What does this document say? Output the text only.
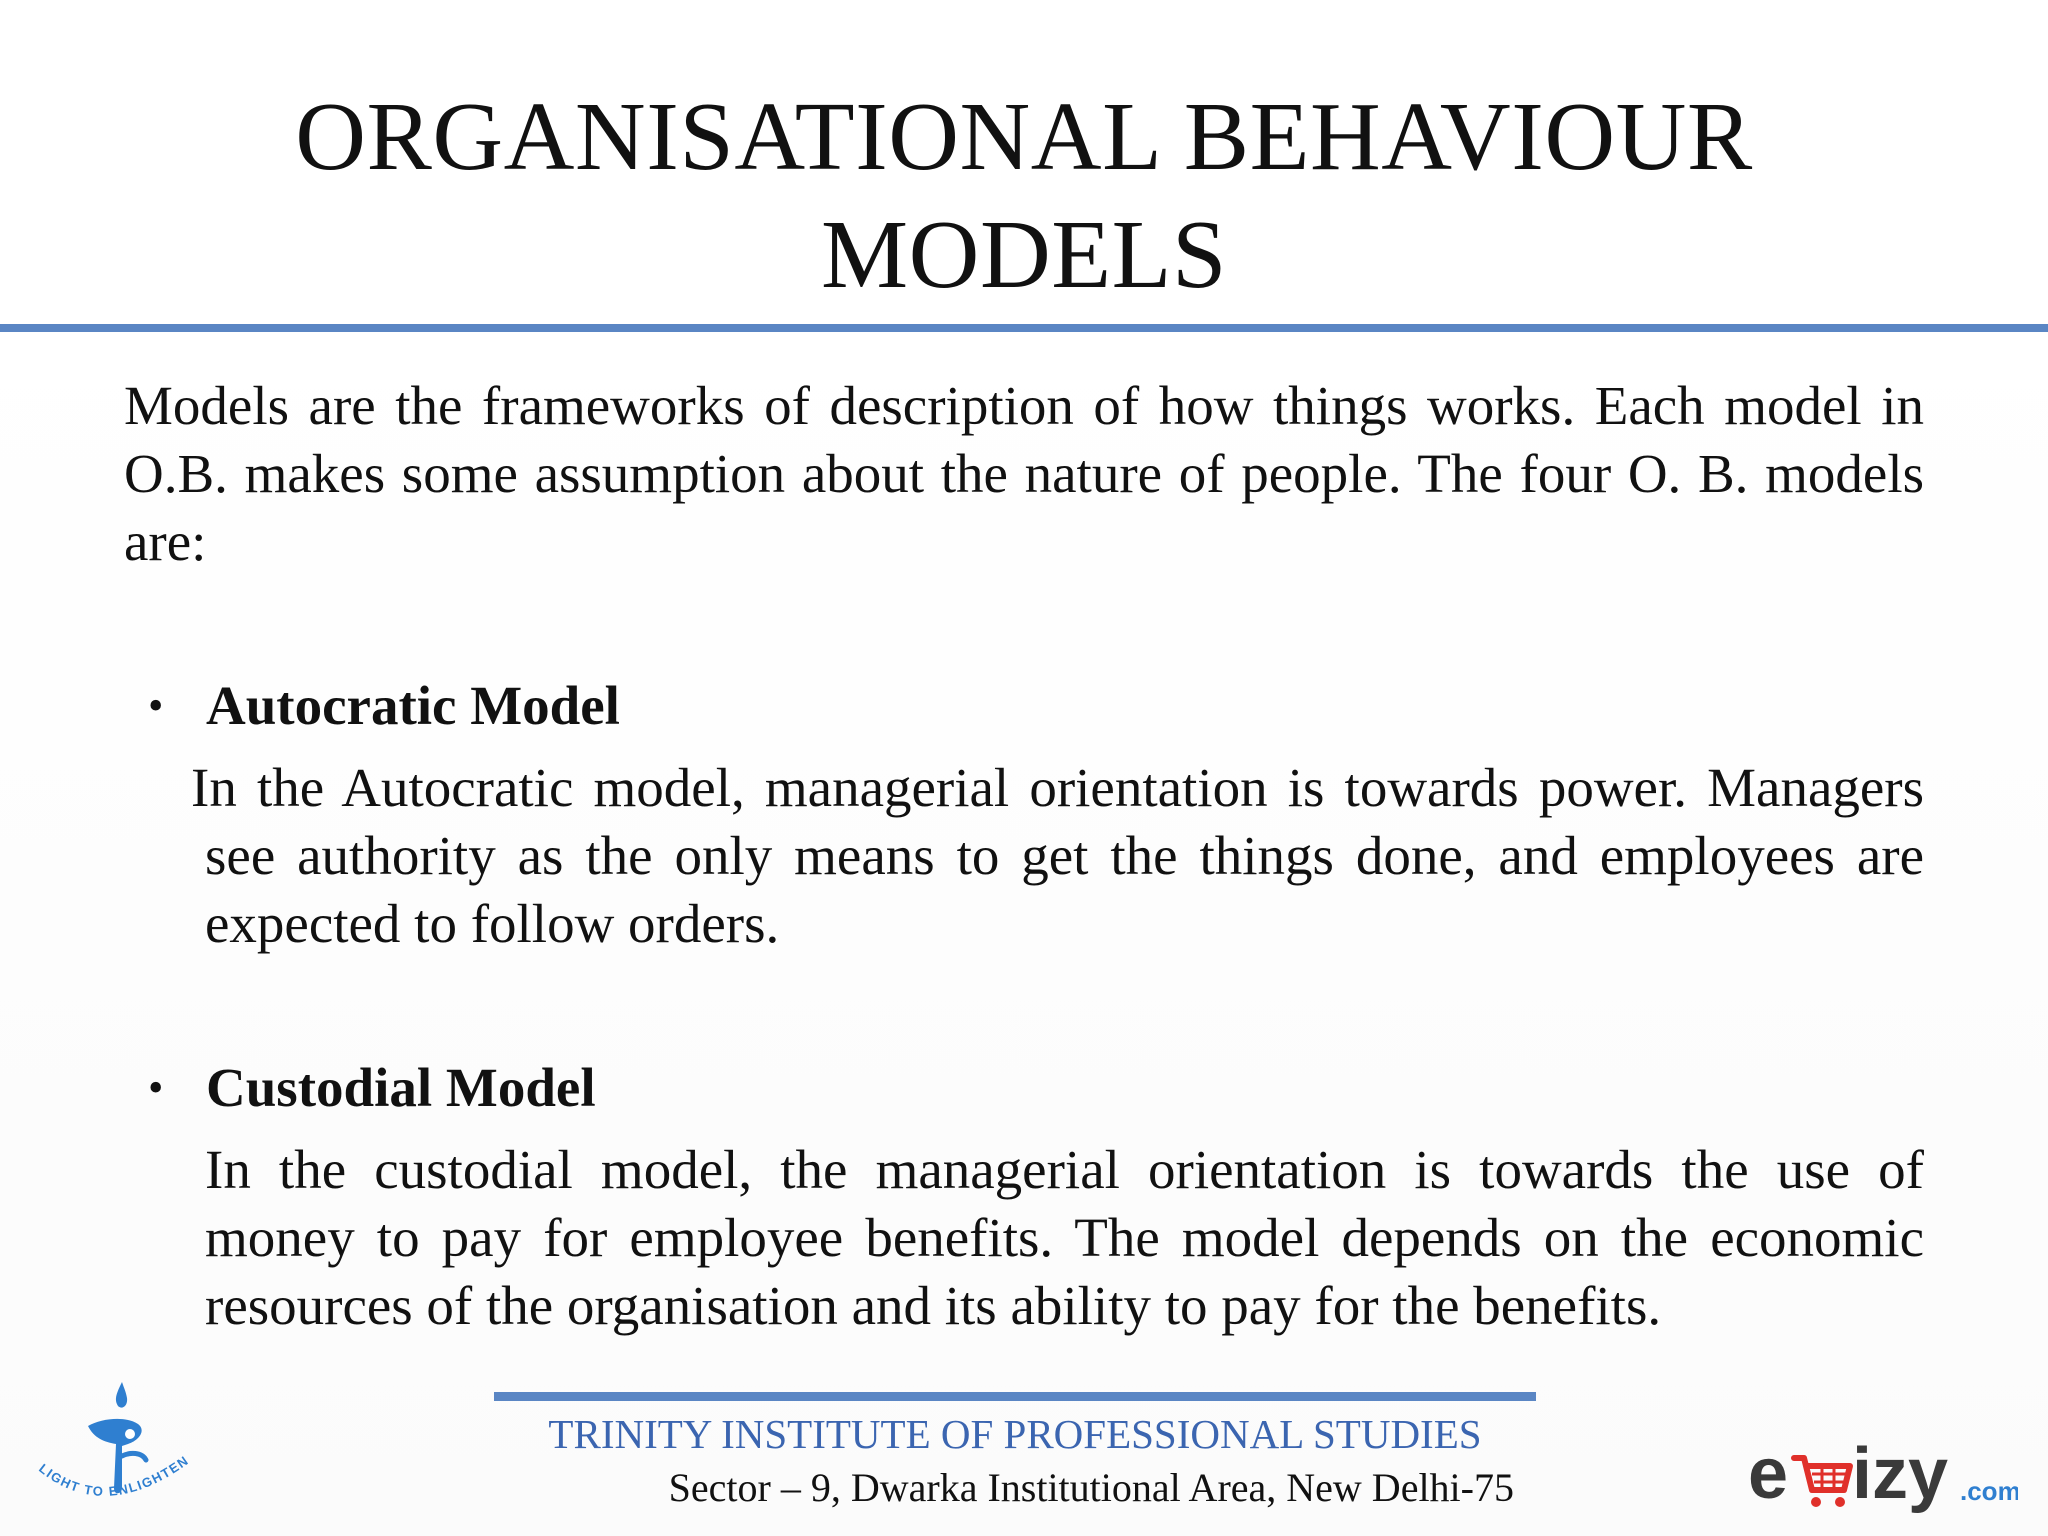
ORGANISATIONAL BEHAVIOUR
MODELS
Models are the frameworks of description of how things works. Each model in O.B. makes some assumption about the nature of people. The four O. B. models are:
• Autocratic Model
In the Autocratic model, managerial orientation is towards power. Managers see authority as the only means to get the things done, and employees are expected to follow orders.
• Custodial Model
In the custodial model, the managerial orientation is towards the use of money to pay for employee benefits. The model depends on the economic resources of the organisation and its ability to pay for the benefits.
LIGHT TO ENLIGHTEN
TRINITY INSTITUTE OF PROFESSIONAL STUDIES
Sector – 9, Dwarka Institutional Area, New Delhi-75	e izy .com
